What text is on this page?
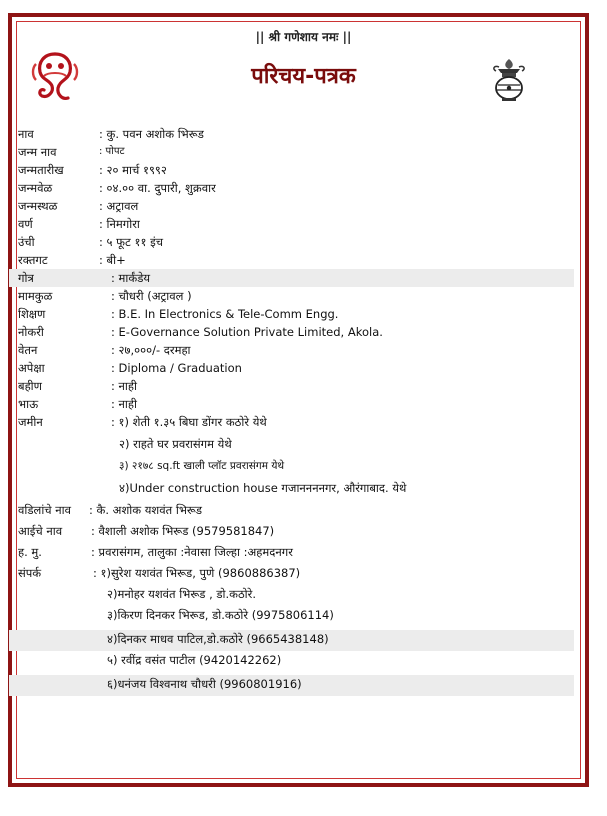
|| श्री गणेशाय नमः ||
परिचय-पत्रक
नाव	: कु. पवन अशोक भिरूड
जन्म नाव	: पोपट
जन्मतारीख	: २० मार्च १९९२
जन्मवेळ	: ०४.०० वा. दुपारी, शुक्रवार
जन्मस्थळ	: अट्रावल
वर्ण	: निमगोरा
उंची	: ५ फूट ११ इंच
रक्तगट	: बी+
गोत्र	: मार्कंडेय
मामकुळ	: चौधरी (अट्रावल )
शिक्षण	: B.E. In Electronics & Tele-Comm Engg.
नोकरी	: E-Governance Solution Private Limited, Akola.
वेतन	: २७,०००/- दरमहा
अपेक्षा	: Diploma / Graduation
बहीण	: नाही
भाऊ	: नाही
जमीन	: १) शेती १.३५ बिघा डोंगर कठोरे येथे
२) राहते घर प्रवरासंगम येथे
३) २१७८ sq.ft खाली प्लॉट प्रवरासंगम येथे
४)Under construction house गजाननननगर, औरंगाबाद. येथे
वडिलांचे नाव : कै. अशोक यशवंत भिरूड
आईचे नाव	: वैशाली अशोक भिरूड (9579581847)
ह. मु.	: प्रवरासंगम, तालुका :नेवासा जिल्हा :अहमदनगर
संपर्क	: १)सुरेश यशवंत भिरूड, पुणे (9860886387)
२)मनोहर यशवंत भिरूड , डो.कठोरे.
३)किरण दिनकर भिरूड, डो.कठोरे (9975806114)
४)दिनकर माधव पाटिल,डो.कठोरे (9665438148)
५) रवींद्र वसंत पाटील (9420142262)
६)धनंजय विश्वनाथ चौधरी (9960801916)
